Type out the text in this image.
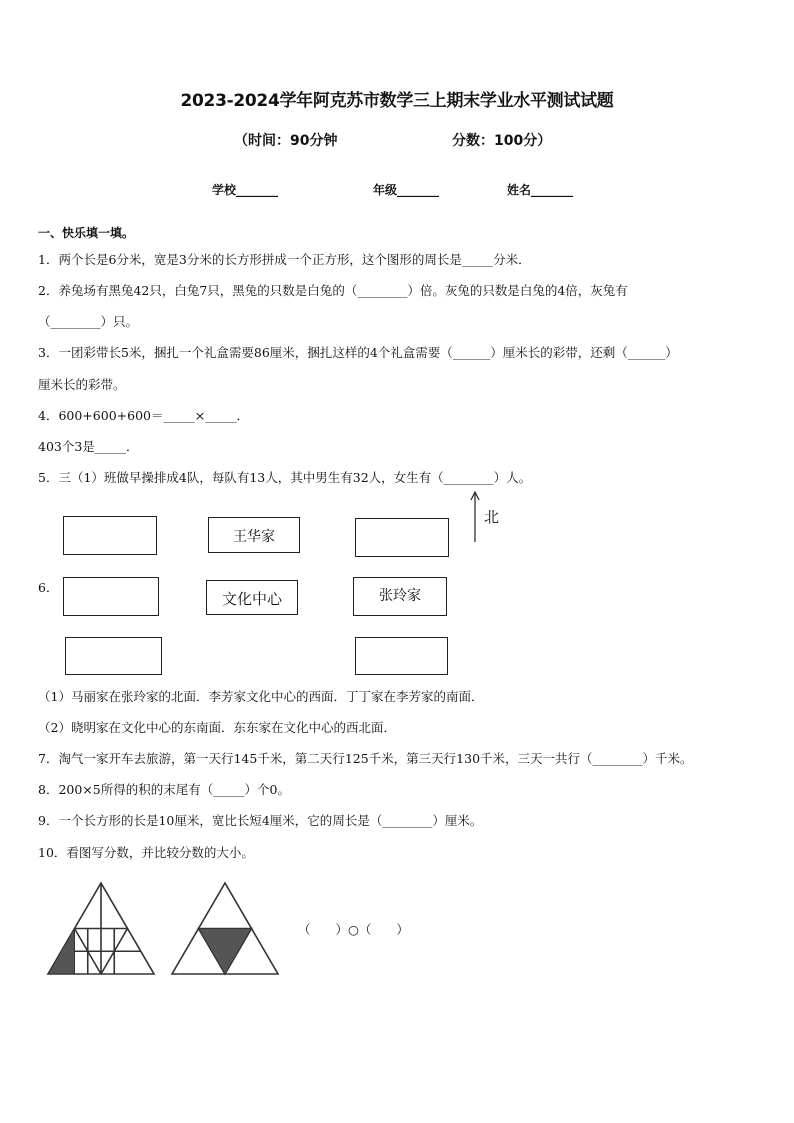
2023-2024学年阿克苏市数学三上期末学业水平测试试题
（时间：90分钟	分数：100分）
学校_______	年级_______	姓名_______
一、快乐填一填。
1．两个长是6分米，宽是3分米的长方形拼成一个正方形，这个图形的周长是_____分米．
2．养兔场有黑兔42只，白兔7只，黑兔的只数是白兔的（________）倍。灰兔的只数是白兔的4倍，灰兔有
（________）只。
3．一团彩带长5米，捆扎一个礼盒需要86厘米，捆扎这样的4个礼盒需要（______）厘米长的彩带，还剩（______）
厘米长的彩带。
4．600+600+600＝_____×_____．
403个3是_____．
5．三（1）班做早操排成4队，每队有13人，其中男生有32人，女生有（________）人。
王华家
6．
文化中心	张玲家
北
（1）马丽家在张玲家的北面．李芳家文化中心的西面．丁丁家在李芳家的南面．
（2）晓明家在文化中心的东南面．东东家在文化中心的西北面．
7．淘气一家开车去旅游，第一天行145千米，第二天行125千米，第三天行130千米，三天一共行（________）千米。
8．200×5所得的积的末尾有（_____）个0。
9．一个长方形的长是10厘米，宽比长短4厘米，它的周长是（________）厘米。
10．看图写分数，并比较分数的大小。
（　　）○（　　）
